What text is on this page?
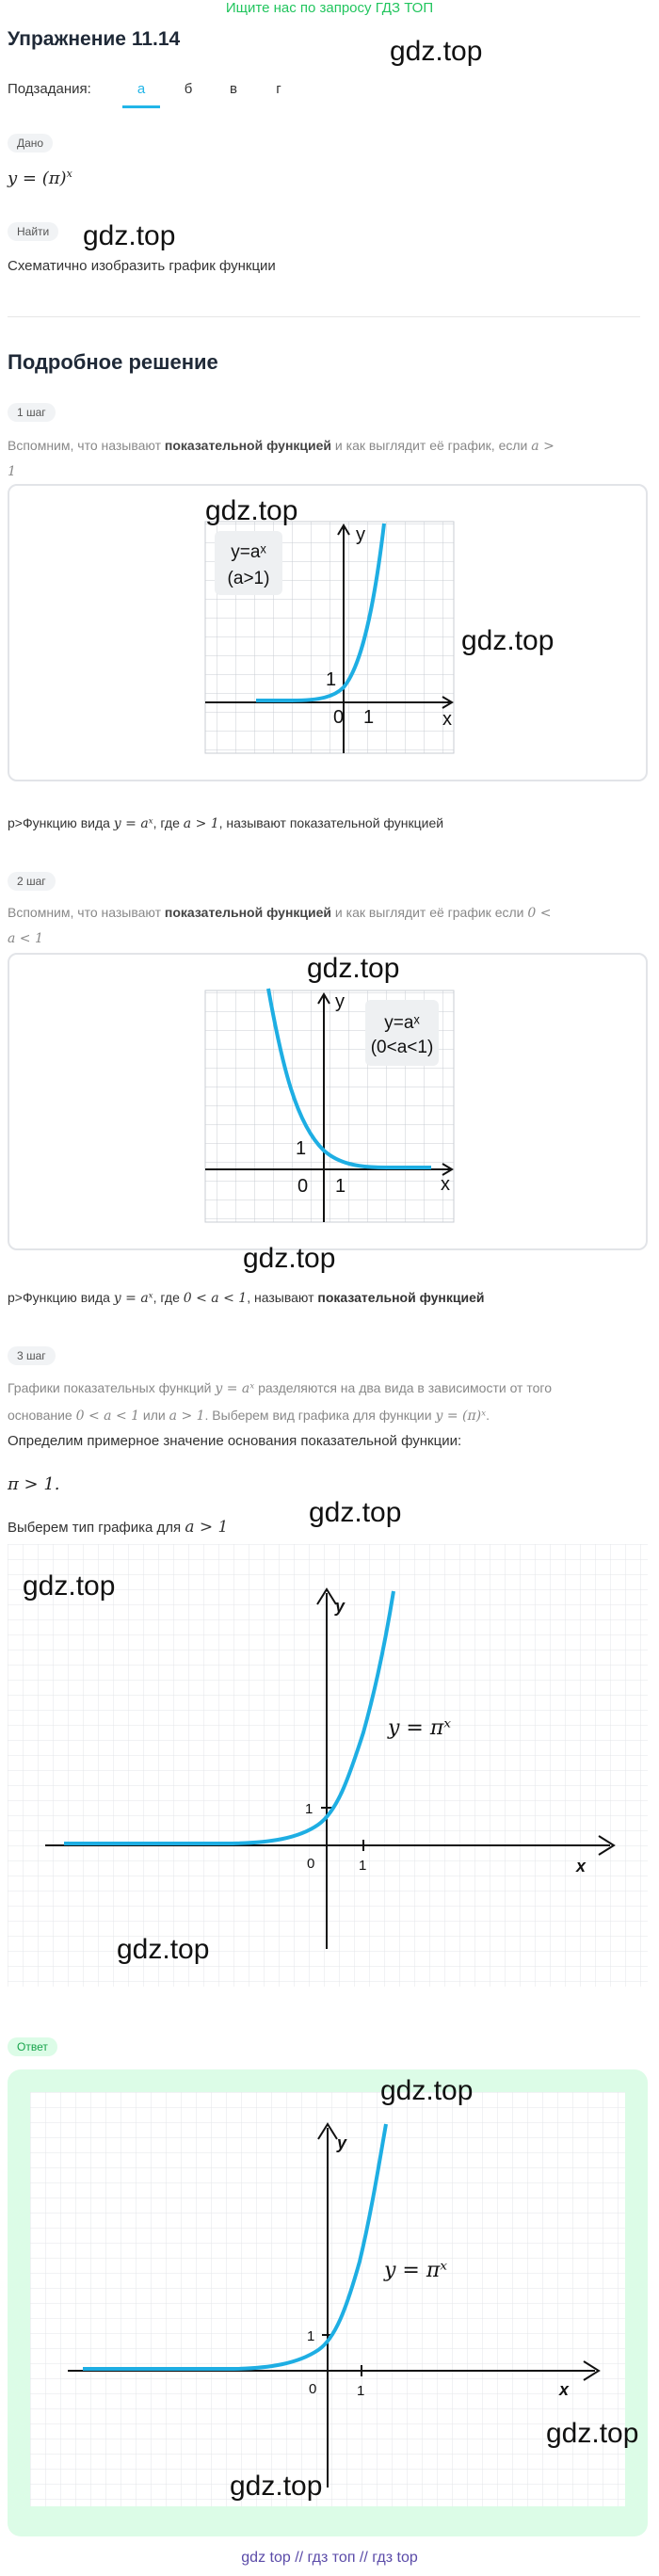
Ищите нас по запросу ГДЗ ТОП
Упражнение 11.14	gdz.top
Подзадания:	а	б	в	г
Дано
$y = (\pi)^x$
Найти	gdz.top
Схематично изобразить график функции
Подробное решение
1 шаг
Вспомним, что называют показательной функцией и как выглядит её график, если a >
1
y=aˣ
(a>1)
y
x
1
0 1
gdz.top
gdz.top
p>Функцию вида y = aˣ, где a > 1, называют показательной функцией
2 шаг
Вспомним, что называют показательной функцией и как выглядит её график если 0 <
a < 1
y=aˣ
(0<a<1)
y
x
1
0 1
gdz.top
gdz.top
p>Функцию вида y = aˣ, где 0 < a < 1, называют показательной функцией
3 шаг
Графики показательных функций y = aˣ разделяются на два вида в зависимости от того
основание 0 < a < 1 или a > 1. Выберем вид графика для функции y = (π)ˣ.
Определим примерное значение основания показательной функции:
π > 1.
Выберем тип графика для a > 1	gdz.top
y
x
1
0	1
y = πˣ
gdz.top
gdz.top
Ответ
y
x
1
0	1
y = πˣ
gdz.top
gdz.top
gdz.top
gdz top // гдз топ // гдз top
